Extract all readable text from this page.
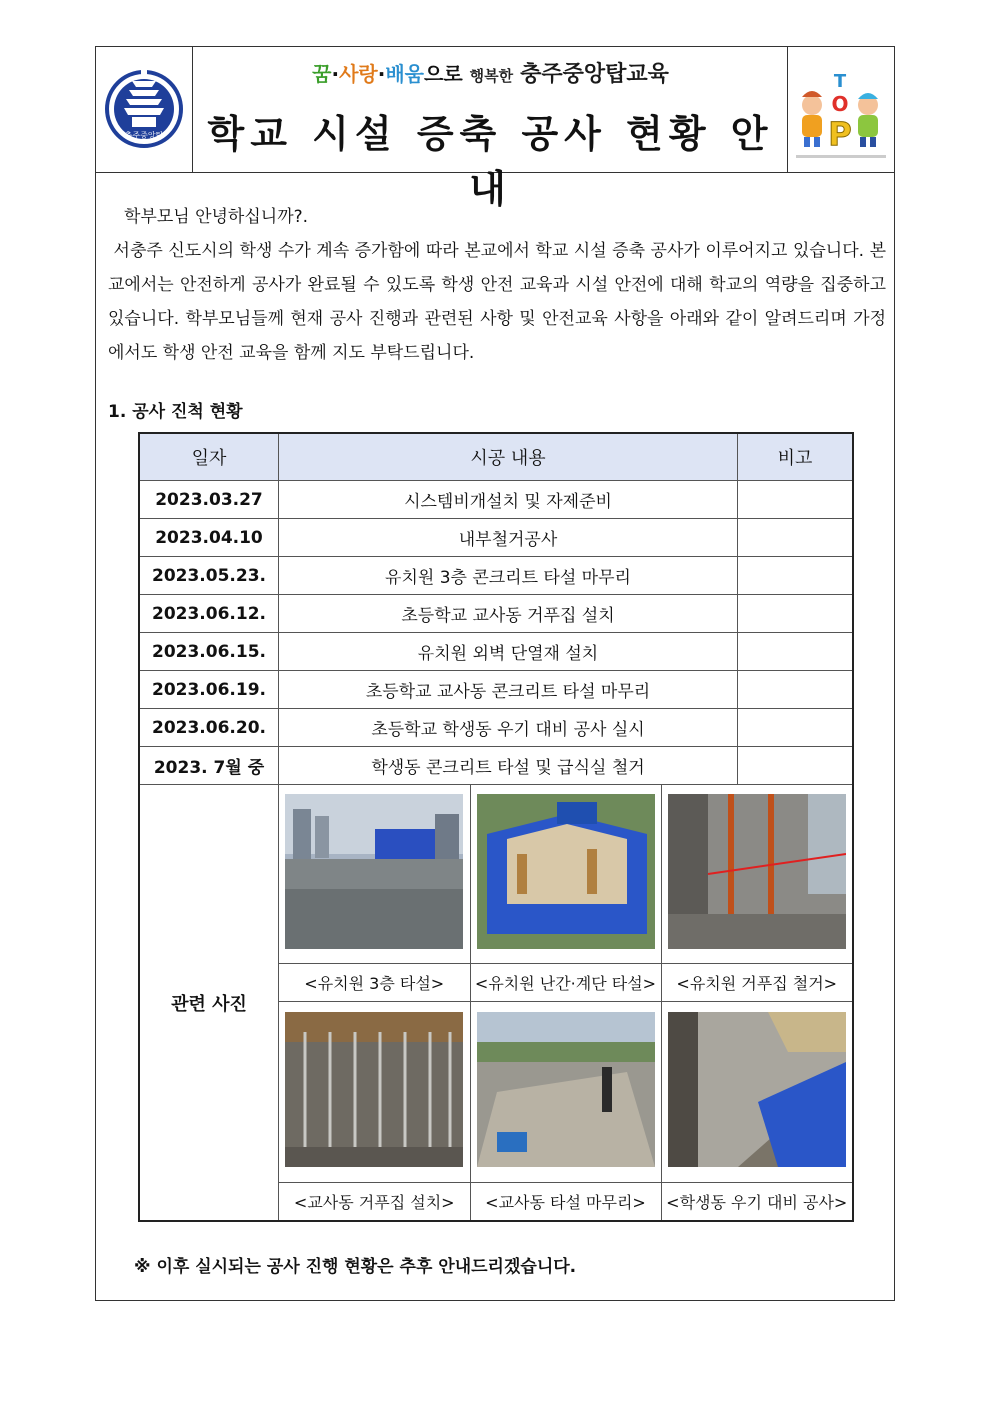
충주중앙탑
꿈·사랑·배움으로 행복한 충주중앙탑교육
학교 시설 증축 공사 현황 안내
T
O
P
학부모님 안녕하십니까?.
서충주 신도시의 학생 수가 계속 증가함에 따라 본교에서 학교 시설 증축 공사가 이루어지고 있습니다. 본교에서는 안전하게 공사가 완료될 수 있도록 학생 안전 교육과 시설 안전에 대해 학교의 역량을 집중하고 있습니다. 학부모님들께 현재 공사 진행과 관련된 사항 및 안전교육 사항을 아래와 같이 알려드리며 가정에서도 학생 안전 교육을 함께 지도 부탁드립니다.
1. 공사 진척 현황
일자	시공 내용	비고
2023.03.27	시스템비개설치 및 자제준비	
2023.04.10	내부철거공사	
2023.05.23.	유치원 3층 콘크리트 타설 마무리	
2023.06.12.	초등학교 교사동 거푸집 설치	
2023.06.15.	유치원 외벽 단열재 설치	
2023.06.19.	초등학교 교사동 콘크리트 타설 마무리	
2023.06.20.	초등학교 학생동 우기 대비 공사 실시	
2023. 7월 중	학생동 콘크리트 타설 및 급식실 철거	
관련 사진	

<유치원 3층 타설>	<유치원 난간·계단 타설>	<유치원 거푸집 철거>

<교사동 거푸집 설치>	<교사동 타설 마무리>	<학생동 우기 대비 공사>
※ 이후 실시되는 공사 진행 현황은 추후 안내드리겠습니다.
